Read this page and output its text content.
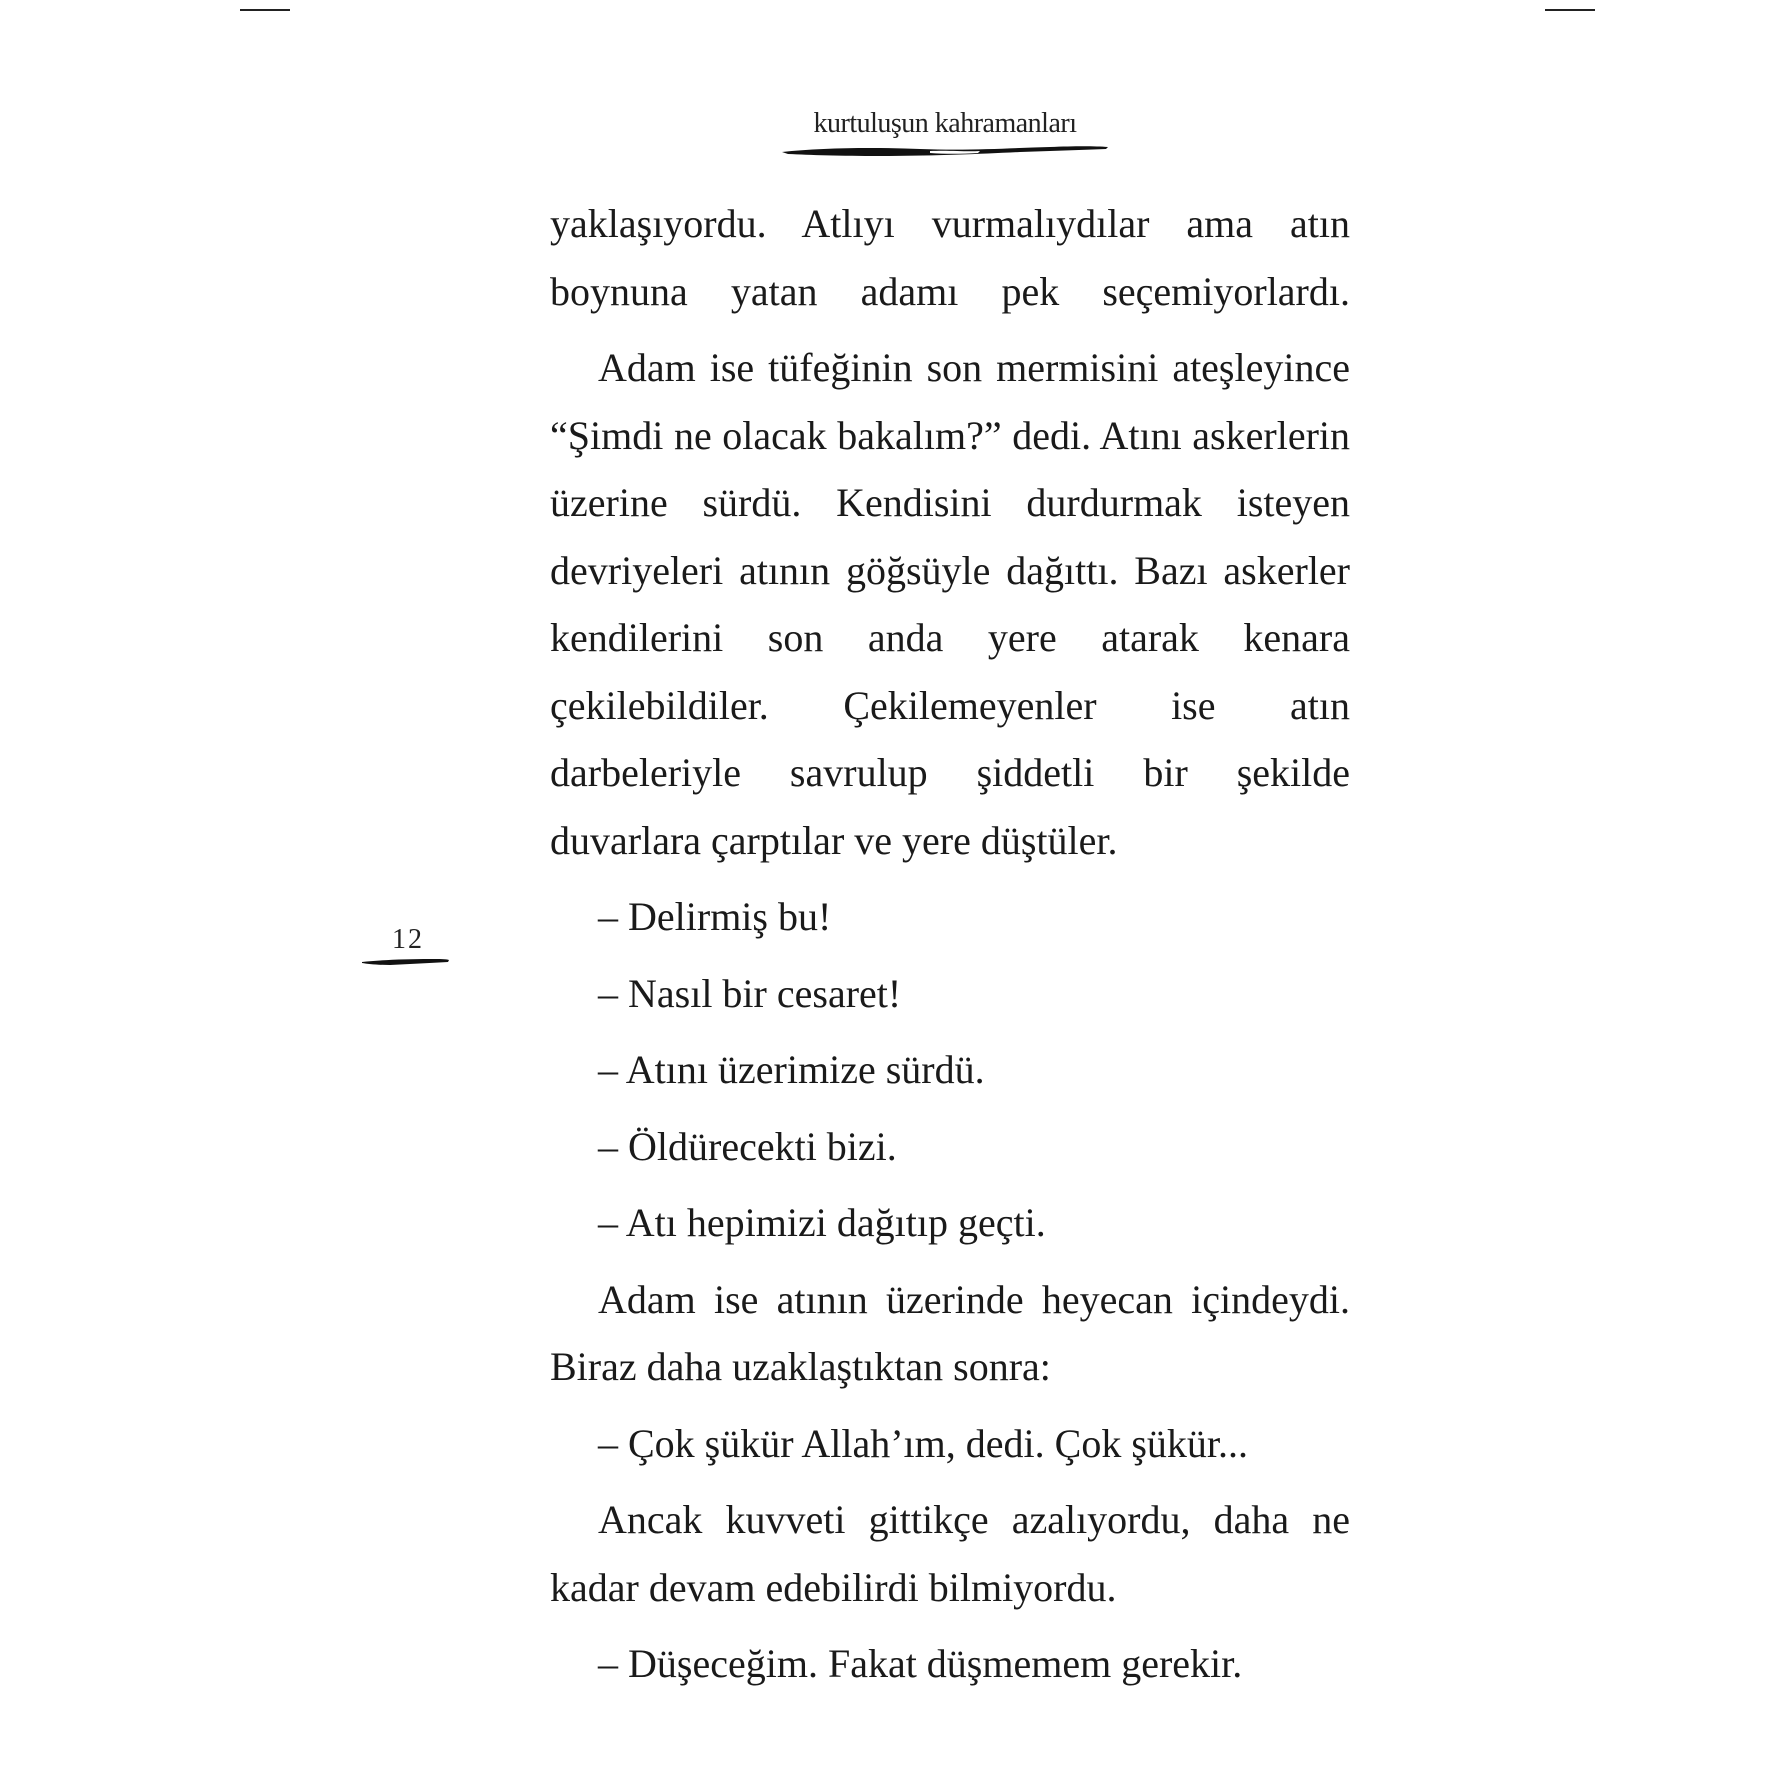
kurtuluşun kahramanları
12

yaklaşıyordu. Atlıyı vurmalıydılar ama atın boynuna yatan adamı pek seçemiyorlardı.

Adam ise tüfeğinin son mermisini ateşleyince “Şimdi ne olacak bakalım?” dedi. Atını askerlerin üzerine sürdü. Kendisini durdurmak isteyen devriyeleri atının göğsüyle dağıttı. Bazı askerler kendilerini son anda yere atarak kenara çekilebildiler. Çekilemeyenler ise atın darbeleriyle savrulup şiddetli bir şekilde duvarlara çarptılar ve yere düştüler.

– Delirmiş bu!

– Nasıl bir cesaret!

– Atını üzerimize sürdü.

– Öldürecekti bizi.

– Atı hepimizi dağıtıp geçti.

Adam ise atının üzerinde heyecan içindeydi. Biraz daha uzaklaştıktan sonra:

– Çok şükür Allah’ım, dedi. Çok şükür...

Ancak kuvveti gittikçe azalıyordu, daha ne kadar devam edebilirdi bilmiyordu.

– Düşeceğim. Fakat düşmemem gerekir.
